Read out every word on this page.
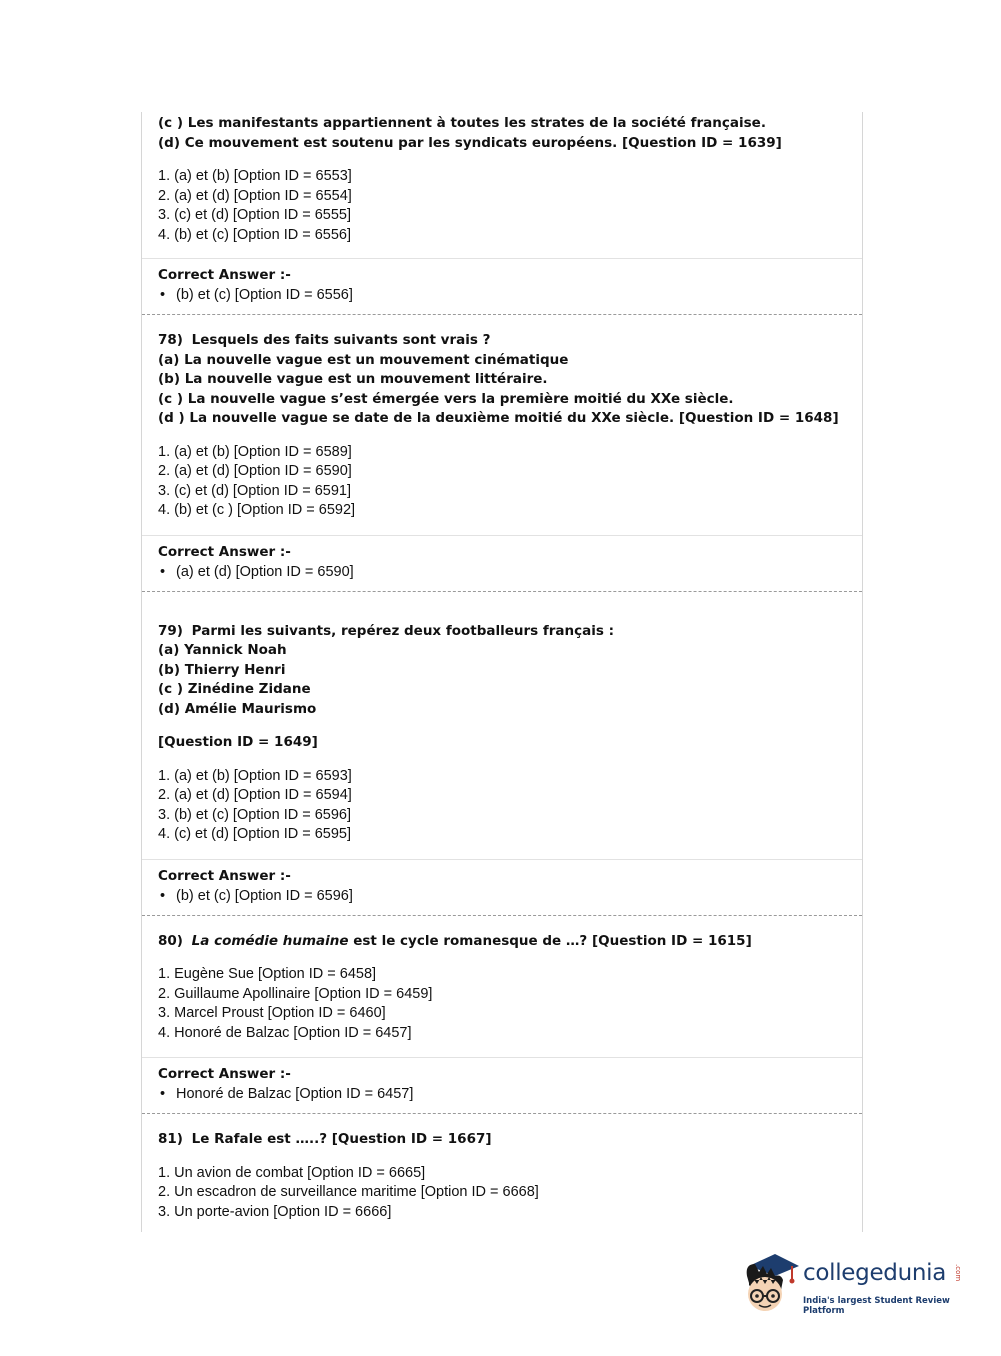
(c ) Les manifestants appartiennent à toutes les strates de la société française.
(d) Ce mouvement est soutenu par les syndicats européens. [Question ID = 1639]
1. (a) et (b) [Option ID = 6553]
2. (a) et (d) [Option ID = 6554]
3. (c) et (d) [Option ID = 6555]
4. (b) et (c) [Option ID = 6556]
Correct Answer :-
• (b) et (c) [Option ID = 6556]
78) Lesquels des faits suivants sont vrais ?
(a) La nouvelle vague est un mouvement cinématique
(b) La nouvelle vague est un mouvement littéraire.
(c ) La nouvelle vague s’est émergée vers la première moitié du XXe siècle.
(d ) La nouvelle vague se date de la deuxième moitié du XXe siècle. [Question ID = 1648]
1. (a) et (b) [Option ID = 6589]
2. (a) et (d) [Option ID = 6590]
3. (c) et (d) [Option ID = 6591]
4. (b) et (c ) [Option ID = 6592]
Correct Answer :-
• (a) et (d) [Option ID = 6590]
79) Parmi les suivants, repérez deux footballeurs français :
(a) Yannick Noah
(b) Thierry Henri
(c ) Zinédine Zidane
(d) Amélie Maurismo
[Question ID = 1649]
1. (a) et (b) [Option ID = 6593]
2. (a) et (d) [Option ID = 6594]
3. (b) et (c) [Option ID = 6596]
4. (c) et (d) [Option ID = 6595]
Correct Answer :-
• (b) et (c) [Option ID = 6596]
80) La comédie humaine est le cycle romanesque de …? [Question ID = 1615]
1. Eugène Sue [Option ID = 6458]
2. Guillaume Apollinaire [Option ID = 6459]
3. Marcel Proust [Option ID = 6460]
4. Honoré de Balzac [Option ID = 6457]
Correct Answer :-
• Honoré de Balzac [Option ID = 6457]
81) Le Rafale est …..? [Question ID = 1667]
1. Un avion de combat [Option ID = 6665]
2. Un escadron de surveillance maritime [Option ID = 6668]
3. Un porte-avion [Option ID = 6666]
collegedunia .com
India's largest Student Review Platform
